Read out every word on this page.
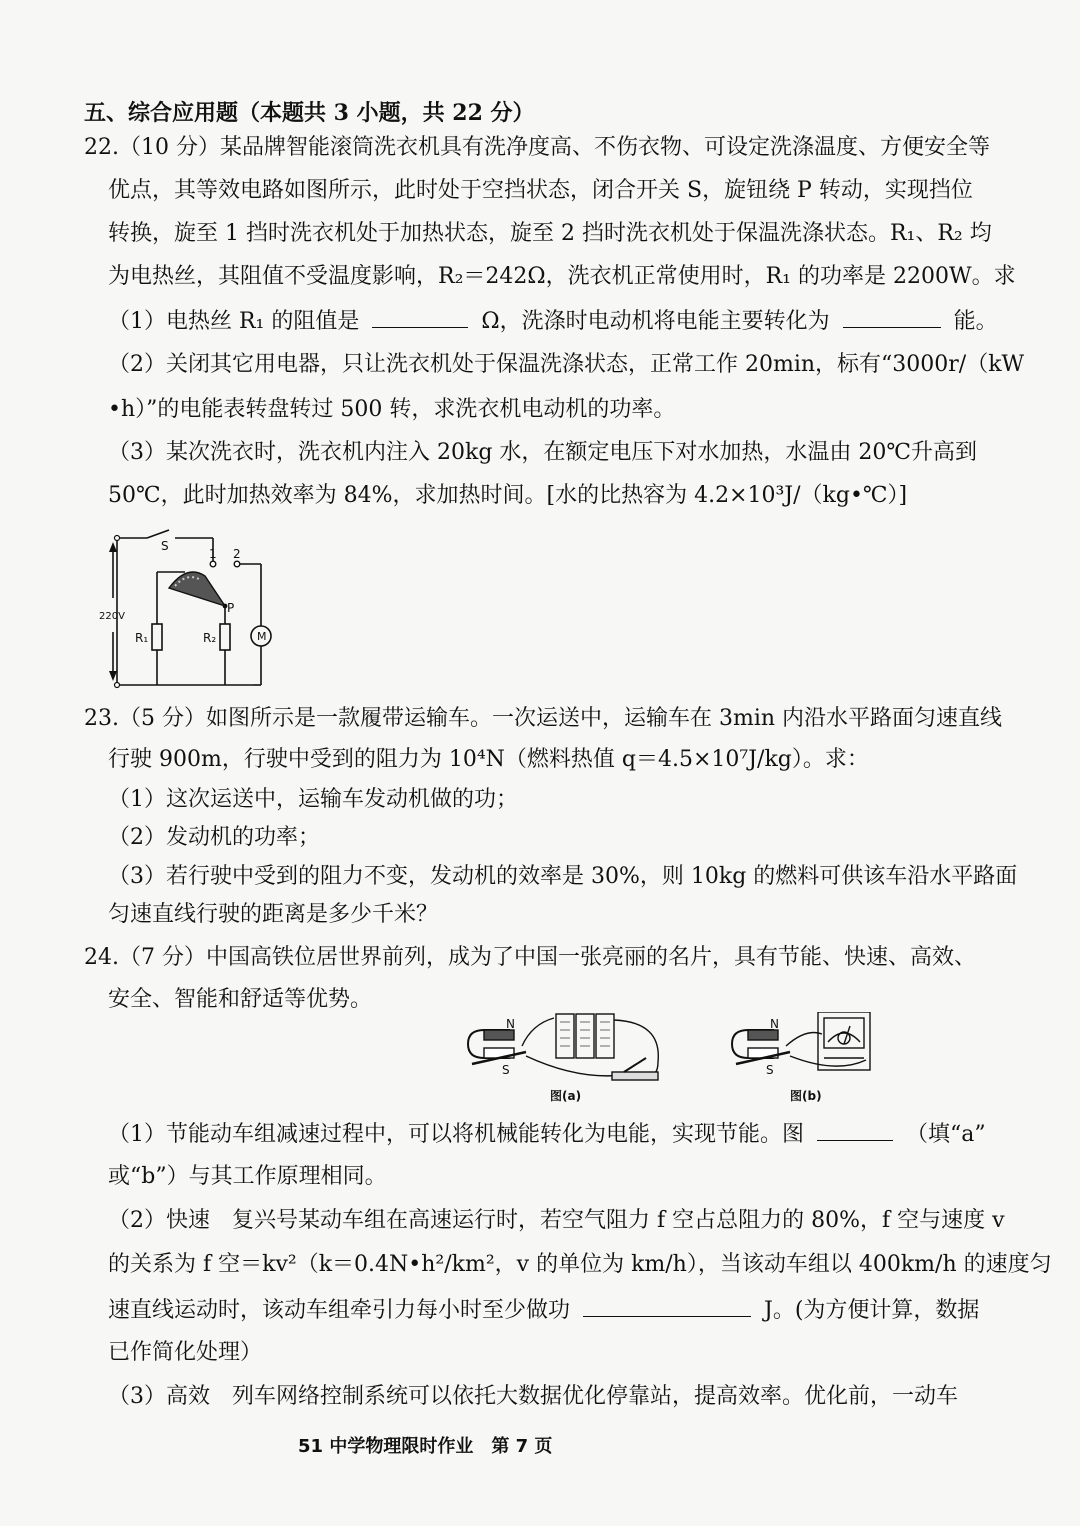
五、综合应用题（本题共 3 小题，共 22 分）
22.（10 分）某品牌智能滚筒洗衣机具有洗净度高、不伤衣物、可设定洗涤温度、方便安全等
优点，其等效电路如图所示，此时处于空挡状态，闭合开关 S，旋钮绕 P 转动，实现挡位
转换，旋至 1 挡时洗衣机处于加热状态，旋至 2 挡时洗衣机处于保温洗涤状态。R₁、R₂ 均
为电热丝，其阻值不受温度影响，R₂＝242Ω，洗衣机正常使用时，R₁ 的功率是 2200W。求
（1）电热丝 R₁ 的阻值是	Ω，洗涤时电动机将电能主要转化为	能。
（2）关闭其它用电器，只让洗衣机处于保温洗涤状态，正常工作 20min，标有“3000r/（kW
•h）”的电能表转盘转过 500 转，求洗衣机电动机的功率。
（3）某次洗衣时，洗衣机内注入 20kg 水，在额定电压下对水加热，水温由 20℃升高到
50℃，此时加热效率为 84%，求加热时间。[水的比热容为 4.2×10³J/（kg•℃）]
S
1 2
220V
P
R₁	R₂	M
23.（5 分）如图所示是一款履带运输车。一次运送中，运输车在 3min 内沿水平路面匀速直线
行驶 900m，行驶中受到的阻力为 10⁴N（燃料热值 q＝4.5×10⁷J/kg）。求：
（1）这次运送中，运输车发动机做的功；
（2）发动机的功率；
（3）若行驶中受到的阻力不变，发动机的效率是 30%，则 10kg 的燃料可供该车沿水平路面
匀速直线行驶的距离是多少千米？
24.（7 分）中国高铁位居世界前列，成为了中国一张亮丽的名片，具有节能、快速、高效、
安全、智能和舒适等优势。
N
S
图(a)
N
S
图(b)
（1）节能动车组减速过程中，可以将机械能转化为电能，实现节能。图	（填“a”
或“b”）与其工作原理相同。
（2）快速　复兴号某动车组在高速运行时，若空气阻力 f 空占总阻力的 80%，f 空与速度 v
的关系为 f 空＝kv²（k＝0.4N•h²/km²，v 的单位为 km/h），当该动车组以 400km/h 的速度匀
速直线运动时，该动车组牵引力每小时至少做功	J。(为方便计算，数据
已作简化处理）
（3）高效　列车网络控制系统可以依托大数据优化停靠站，提高效率。优化前，一动车
51 中学物理限时作业　第 7 页
